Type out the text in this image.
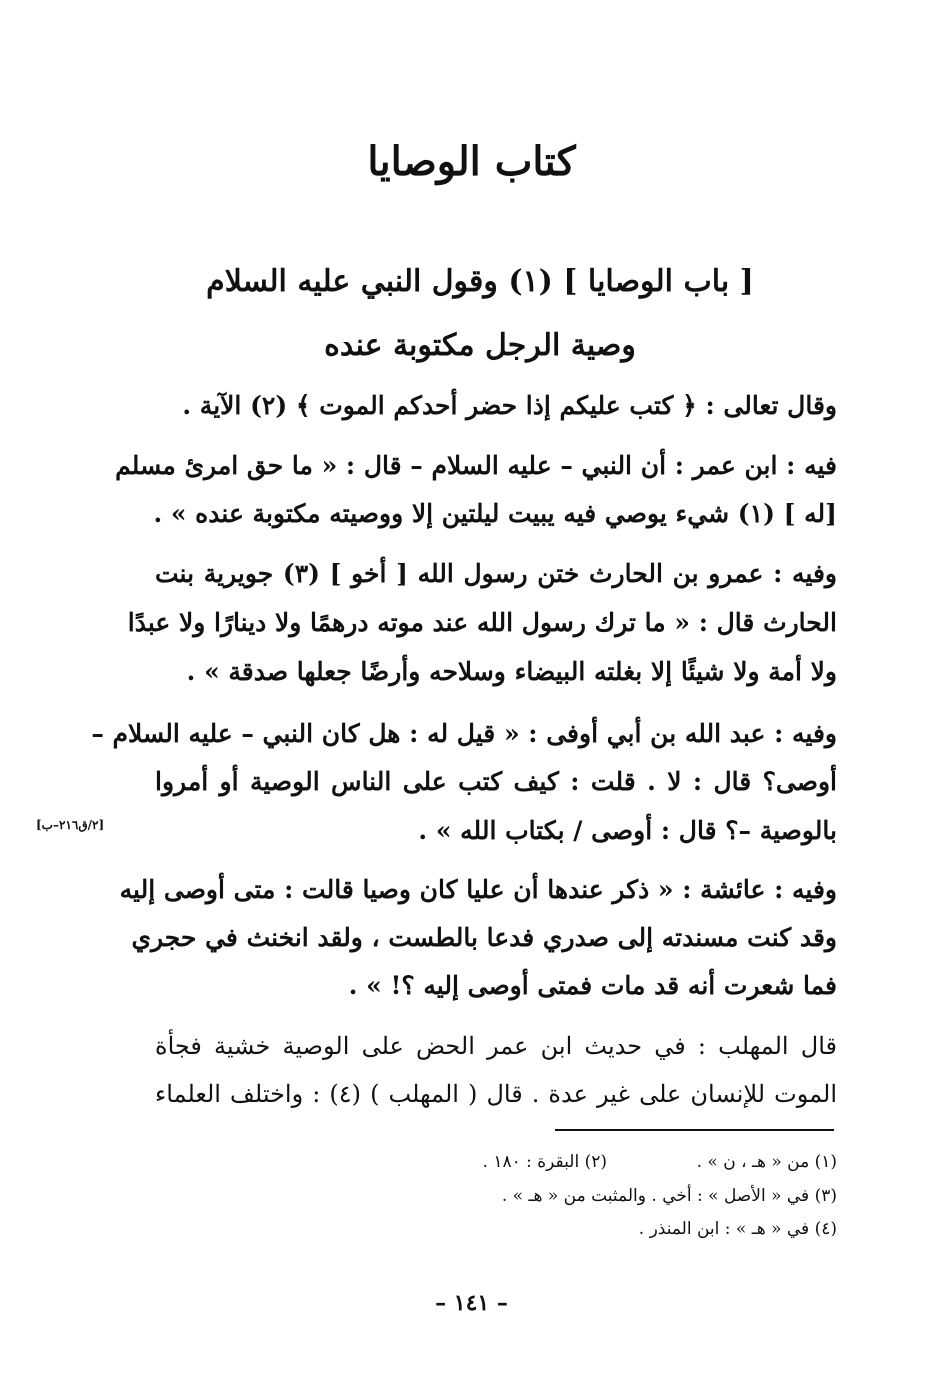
كتاب الوصايا
[ باب الوصايا ] (١) وقول النبي عليه السلام
وصية الرجل مكتوبة عنده
وقال تعالى : ﴿ كتب عليكم إذا حضر أحدكم الموت ﴾ (٢) الآية .
فيه : ابن عمر : أن النبي – عليه السلام – قال : « ما حق امرئ مسلم
[له ] (١) شيء يوصي فيه يبيت ليلتين إلا ووصيته مكتوبة عنده » .
وفيه : عمرو بن الحارث ختن رسول الله [ أخو ] (٣) جويرية بنت
الحارث قال : « ما ترك رسول الله عند موته درهمًا ولا دينارًا ولا عبدًا
ولا أمة ولا شيئًا إلا بغلته البيضاء وسلاحه وأرضًا جعلها صدقة » .
وفيه : عبد الله بن أبي أوفى : « قيل له : هل كان النبي – عليه السلام –
أوصى؟ قال : لا . قلت : كيف كتب على الناس الوصية أو أمروا
بالوصية –؟ قال : أوصى / بكتاب الله » .
[٢/ق٢١٦–ب]
وفيه : عائشة : « ذكر عندها أن عليا كان وصيا قالت : متى أوصى إليه
وقد كنت مسندته إلى صدري فدعا بالطست ، ولقد انخنث في حجري
فما شعرت أنه قد مات فمتى أوصى إليه ؟! » .
قال المهلب : في حديث ابن عمر الحض على الوصية خشية فجأة
الموت للإنسان على غير عدة . قال ( المهلب ) (٤) : واختلف العلماء
(١) من « هـ ، ن » .
(٢) البقرة : ١٨٠ .
(٣) في « الأصل » : أخي . والمثبت من « هـ » .
(٤) في « هـ » : ابن المنذر .
– ١٤١ –
